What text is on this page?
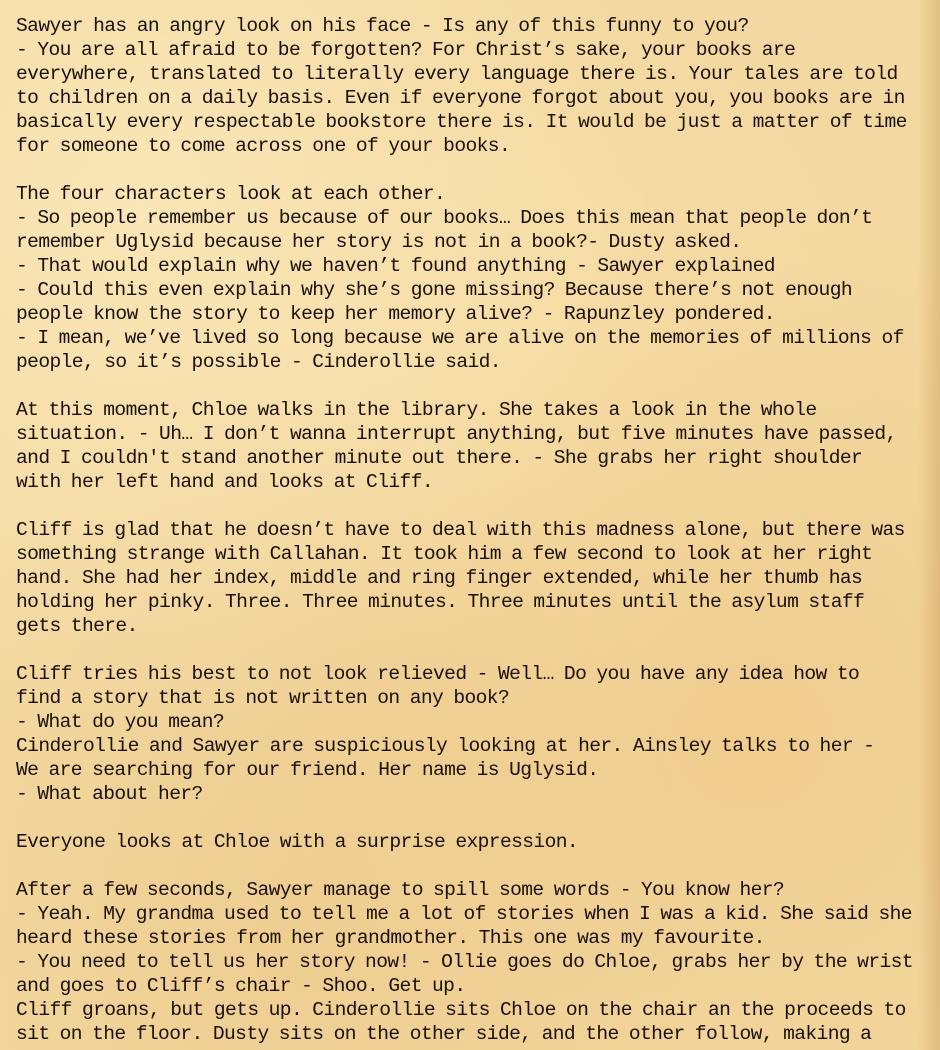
Sawyer has an angry look on his face - Is any of this funny to you?
- You are all afraid to be forgotten? For Christ’s sake, your books are
everywhere, translated to literally every language there is. Your tales are told
to children on a daily basis. Even if everyone forgot about you, you books are in
basically every respectable bookstore there is. It would be just a matter of time
for someone to come across one of your books.
The four characters look at each other.
- So people remember us because of our books… Does this mean that people don’t
remember Uglysid because her story is not in a book?- Dusty asked.
- That would explain why we haven’t found anything - Sawyer explained
- Could this even explain why she’s gone missing? Because there’s not enough
people know the story to keep her memory alive? - Rapunzley pondered.
- I mean, we’ve lived so long because we are alive on the memories of millions of
people, so it’s possible - Cinderollie said.
At this moment, Chloe walks in the library. She takes a look in the whole
situation. - Uh… I don’t wanna interrupt anything, but five minutes have passed,
and I couldn't stand another minute out there. - She grabs her right shoulder
with her left hand and looks at Cliff.
Cliff is glad that he doesn’t have to deal with this madness alone, but there was
something strange with Callahan. It took him a few second to look at her right
hand. She had her index, middle and ring finger extended, while her thumb has
holding her pinky. Three. Three minutes. Three minutes until the asylum staff
gets there.
Cliff tries his best to not look relieved - Well… Do you have any idea how to
find a story that is not written on any book?
- What do you mean?
Cinderollie and Sawyer are suspiciously looking at her. Ainsley talks to her -
We are searching for our friend. Her name is Uglysid.
- What about her?
Everyone looks at Chloe with a surprise expression.
After a few seconds, Sawyer manage to spill some words - You know her?
- Yeah. My grandma used to tell me a lot of stories when I was a kid. She said she
heard these stories from her grandmother. This one was my favourite.
- You need to tell us her story now! - Ollie goes do Chloe, grabs her by the wrist
and goes to Cliff’s chair - Shoo. Get up.
Cliff groans, but gets up. Cinderollie sits Chloe on the chair an the proceeds to
sit on the floor. Dusty sits on the other side, and the other follow, making a
